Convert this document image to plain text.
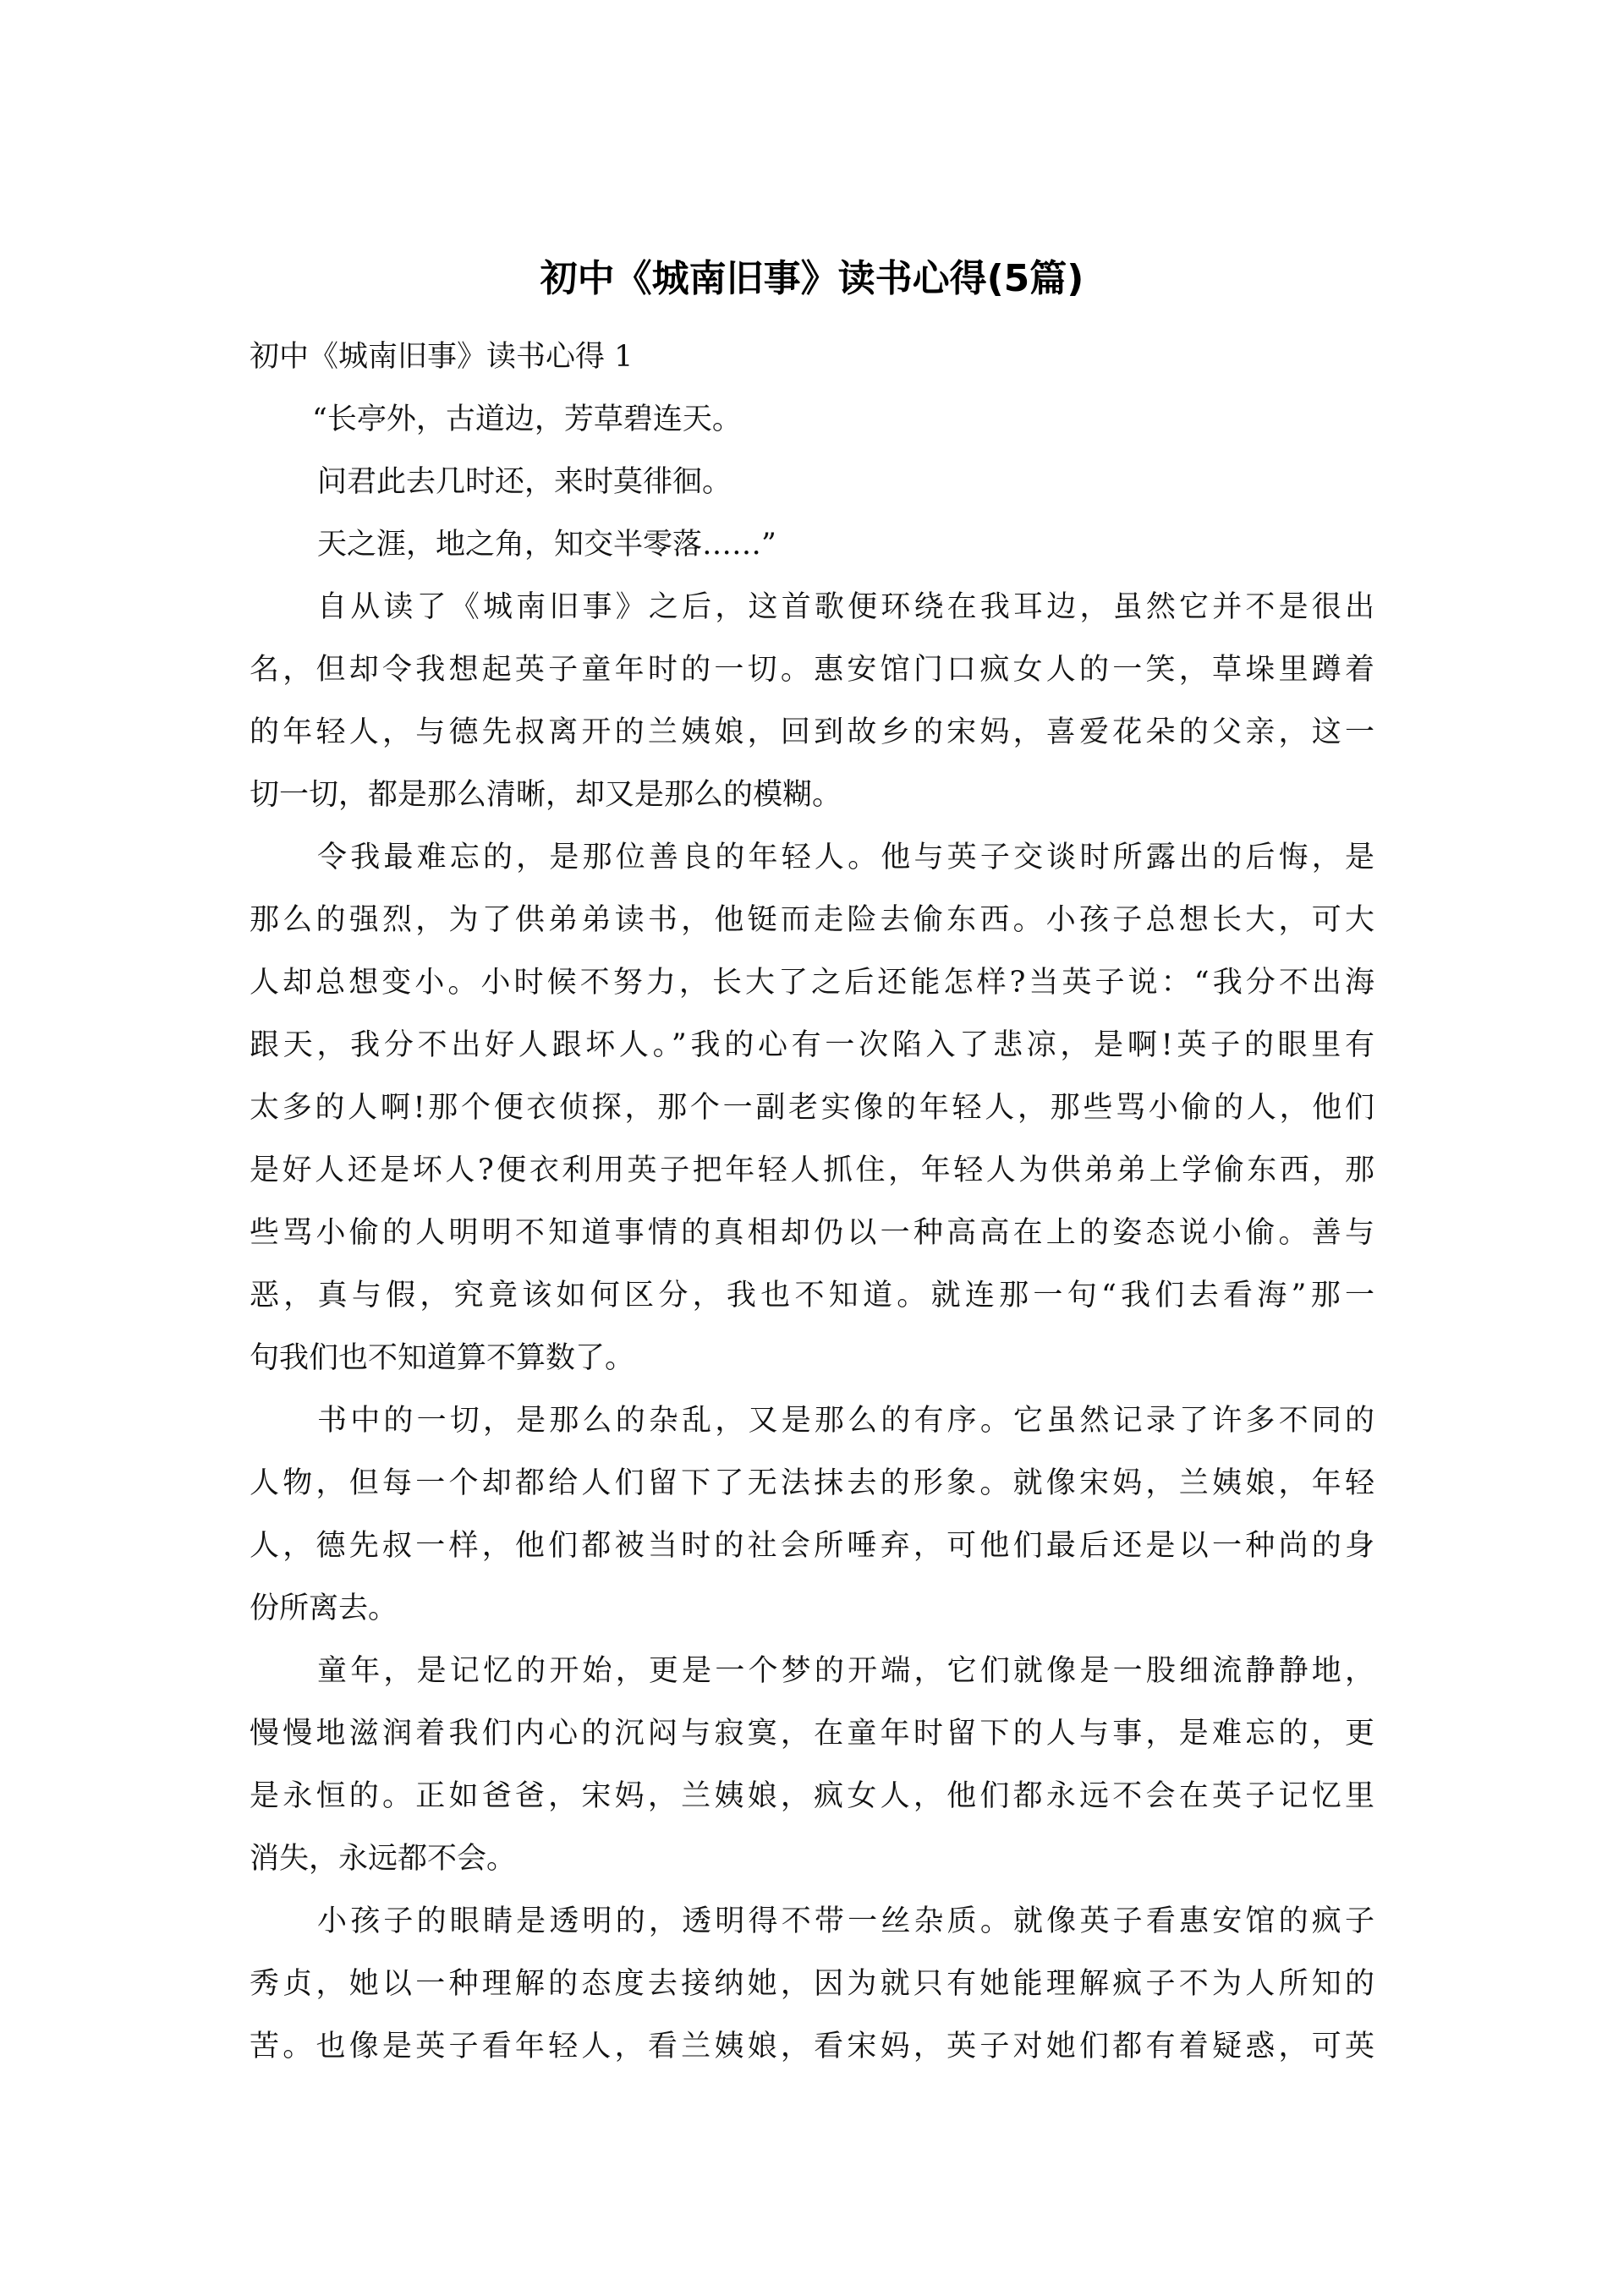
初中《城南旧事》读书心得(5篇)
初中《城南旧事》读书心得 1
“长亭外，古道边，芳草碧连天。
问君此去几时还，来时莫徘徊。
天之涯，地之角，知交半零落……”
自从读了《城南旧事》之后，这首歌便环绕在我耳边，虽然它并不是很出
名，但却令我想起英子童年时的一切。惠安馆门口疯女人的一笑，草垛里蹲着
的年轻人，与德先叔离开的兰姨娘，回到故乡的宋妈，喜爱花朵的父亲，这一
切一切，都是那么清晰，却又是那么的模糊。
令我最难忘的，是那位善良的年轻人。他与英子交谈时所露出的后悔，是
那么的强烈，为了供弟弟读书，他铤而走险去偷东西。小孩子总想长大，可大
人却总想变小。小时候不努力，长大了之后还能怎样?当英子说：“我分不出海
跟天，我分不出好人跟坏人。”我的心有一次陷入了悲凉，是啊!英子的眼里有
太多的人啊!那个便衣侦探，那个一副老实像的年轻人，那些骂小偷的人，他们
是好人还是坏人?便衣利用英子把年轻人抓住，年轻人为供弟弟上学偷东西，那
些骂小偷的人明明不知道事情的真相却仍以一种高高在上的姿态说小偷。善与
恶，真与假，究竟该如何区分，我也不知道。就连那一句“我们去看海”那一
句我们也不知道算不算数了。
书中的一切，是那么的杂乱，又是那么的有序。它虽然记录了许多不同的
人物，但每一个却都给人们留下了无法抹去的形象。就像宋妈，兰姨娘，年轻
人，德先叔一样，他们都被当时的社会所唾弃，可他们最后还是以一种尚的身
份所离去。
童年，是记忆的开始，更是一个梦的开端，它们就像是一股细流静静地，
慢慢地滋润着我们内心的沉闷与寂寞，在童年时留下的人与事，是难忘的，更
是永恒的。正如爸爸，宋妈，兰姨娘，疯女人，他们都永远不会在英子记忆里
消失，永远都不会。
小孩子的眼睛是透明的，透明得不带一丝杂质。就像英子看惠安馆的疯子
秀贞，她以一种理解的态度去接纳她，因为就只有她能理解疯子不为人所知的
苦。也像是英子看年轻人，看兰姨娘，看宋妈，英子对她们都有着疑惑，可英
